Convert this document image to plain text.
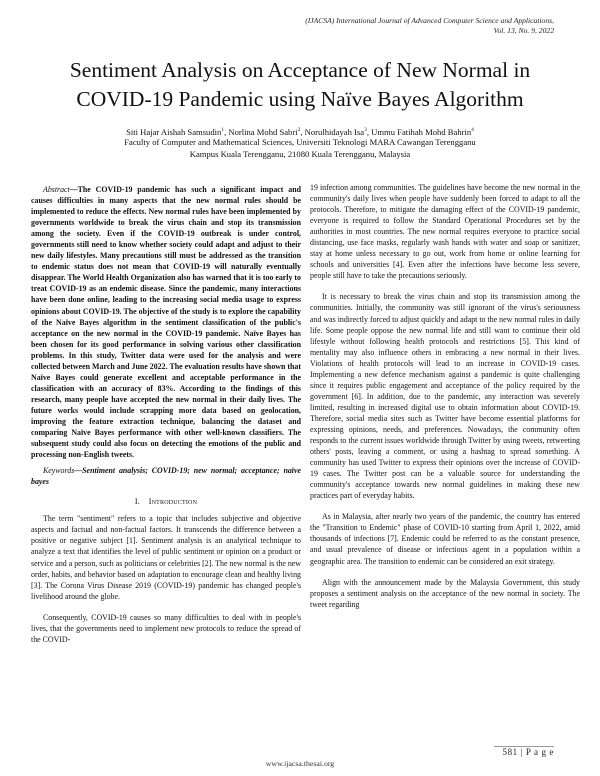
(IJACSA) International Journal of Advanced Computer Science and Applications,
Vol. 13, No. 9, 2022
Sentiment Analysis on Acceptance of New Normal in
COVID-19 Pandemic using Naïve Bayes Algorithm
Siti Hajar Aishah Samsudin$^1$, Norlina Mohd Sabri$^2$, Norulhidayah Isa$^3$, Ummu Fatihah Mohd Bahrin$^4$
Faculty of Computer and Mathematical Sciences, Universiti Teknologi MARA Cawangan Terengganu
Kampus Kuala Terengganu, 21080 Kuala Terengganu, Malaysia

Abstract—The COVID-19 pandemic has such a significant impact and causes difficulties in many aspects that the new normal rules should be implemented to reduce the effects. New normal rules have been implemented by governments worldwide to break the virus chain and stop its transmission among the society. Even if the COVID-19 outbreak is under control, governments still need to know whether society could adapt and adjust to their new daily lifestyles. Many precautions still must be addressed as the transition to endemic status does not mean that COVID-19 will naturally eventually disappear. The World Health Organization also has warned that it is too early to treat COVID-19 as an endemic disease. Since the pandemic, many interactions have been done online, leading to the increasing social media usage to express opinions about COVID-19. The objective of the study is to explore the capability of the Naïve Bayes algorithm in the sentiment classification of the public's acceptance on the new normal in the COVID-19 pandemic. Naïve Bayes has been chosen for its good performance in solving various other classification problems. In this study, Twitter data were used for the analysis and were collected between March and June 2022. The evaluation results have shown that Naïve Bayes could generate excellent and acceptable performance in the classification with an accuracy of 83%. According to the findings of this research, many people have accepted the new normal in their daily lives. The future works would include scrapping more data based on geolocation, improving the feature extraction technique, balancing the dataset and comparing Naïve Bayes performance with other well-known classifiers. The subsequent study could also focus on detecting the emotions of the public and processing non-English tweets.

Keywords—Sentiment analysis; COVID-19; new normal; acceptance; naïve bayes

I. Introduction

The term "sentiment" refers to a topic that includes subjective and objective aspects and factual and non-factual factors. It transcends the difference between a positive or negative subject [1]. Sentiment analysis is an analytical technique to analyze a text that identifies the level of public sentiment or opinion on a product or service and a person, such as politicians or celebrities [2]. The new normal is the new order, habits, and behavior based on adaptation to encourage clean and healthy living [3]. The Corona Virus Disease 2019 (COVID-19) pandemic has changed people's livelihood around the globe.

Consequently, COVID-19 causes so many difficulties to deal with in people's lives, that the governments need to implement new protocols to reduce the spread of the COVID-

19 infection among communities. The guidelines have become the new normal in the community's daily lives when people have suddenly been forced to adapt to all the protocols. Therefore, to mitigate the damaging effect of the COVID-19 pandemic, everyone is required to follow the Standard Operational Procedures set by the authorities in most countries. The new normal requires everyone to practice social distancing, use face masks, regularly wash hands with water and soap or sanitizer, stay at home unless necessary to go out, work from home or online learning for schools and universities [4]. Even after the infections have become less severe, people still have to take the precautions seriously.

It is necessary to break the virus chain and stop its transmission among the communities. Initially, the community was still ignorant of the virus's seriousness and was indirectly forced to adjust quickly and adapt to the new normal rules in daily life. Some people oppose the new normal life and still want to continue their old lifestyle without following health protocols and restrictions [5]. This kind of mentality may also influence others in embracing a new normal in their lives. Violations of health protocols will lead to an increase in COVID-19 cases. Implementing a new defence mechanism against a pandemic is quite challenging since it requires public engagement and acceptance of the policy required by the government [6]. In addition, due to the pandemic, any interaction was severely limited, resulting in increased digital use to obtain information about COVID-19. Therefore, social media sites such as Twitter have become essential platforms for expressing opinions, needs, and preferences. Nowadays, the community often responds to the current issues worldwide through Twitter by using tweets, retweeting others' posts, leaving a comment, or using a hashtag to spread something. A community has used Twitter to express their opinions over the increase of COVID-19 cases. The Twitter post can be a valuable source for understanding the community's acceptance towards new normal guidelines in making these new practices part of everyday habits.

As in Malaysia, after nearly two years of the pandemic, the country has entered the "Transition to Endemic" phase of COVID-10 starting from April 1, 2022, amid thousands of infections [7]. Endemic could be referred to as the constant presence, and usual prevalence of disease or infectious agent in a population within a geographic area. The transition to endemic can be considered an exit strategy.

Align with the announcement made by the Malaysia Government, this study proposes a sentiment analysis on the acceptance of the new normal in society. The tweet regarding

581 | P a g e
www.ijacsa.thesai.org
